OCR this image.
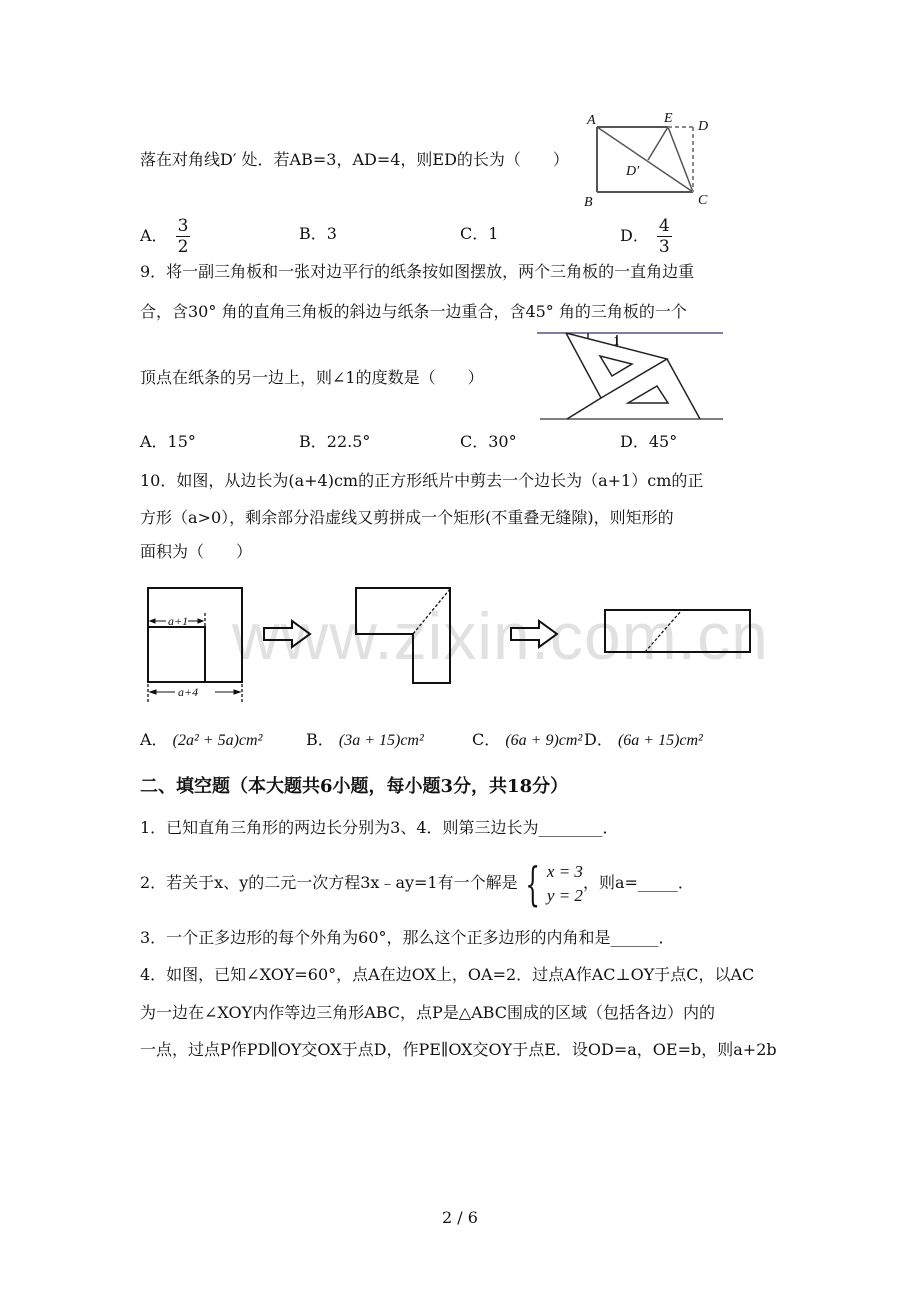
落在对角线D′ 处．若AB=3，AD=4，则ED的长为（　　）
A	E
D
B	C
D′
A． $\frac{3}{2}$	B．3	C．1	D． $\frac{4}{3}$
9．将一副三角板和一张对边平行的纸条按如图摆放，两个三角板的一直角边重
合，含30° 角的直角三角板的斜边与纸条一边重合，含45° 角的三角板的一个
顶点在纸条的另一边上，则∠1的度数是（　　）
1
A．15°	B．22.5°	C．30°	D．45°
10．如图，从边长为(a+4)cm的正方形纸片中剪去一个边长为（a+1）cm的正
方形（a>0），剩余部分沿虚线又剪拼成一个矩形(不重叠无缝隙)，则矩形的
面积为（　　）
www.zixin.com.cn
a+1
a+4
A． (2a² + 5a)cm²	B． (3a + 15)cm²	C． (6a + 9)cm² D． (6a + 15)cm²
二、填空题（本大题共6小题，每小题3分，共18分）
1．已知直角三角形的两边长分别为3、4．则第三边长为________．
2．若关于x、y的二元一次方程3x﹣ay=1有一个解是 { x = 3
y = 2
，则a=_____．
3．一个正多边形的每个外角为60°，那么这个正多边形的内角和是______．
4．如图，已知∠XOY=60°，点A在边OX上，OA=2．过点A作AC⊥OY于点C，以AC
为一边在∠XOY内作等边三角形ABC，点P是△ABC围成的区域（包括各边）内的
一点，过点P作PD∥OY交OX于点D，作PE∥OX交OY于点E．设OD=a，OE=b，则a+2b
2 / 6
